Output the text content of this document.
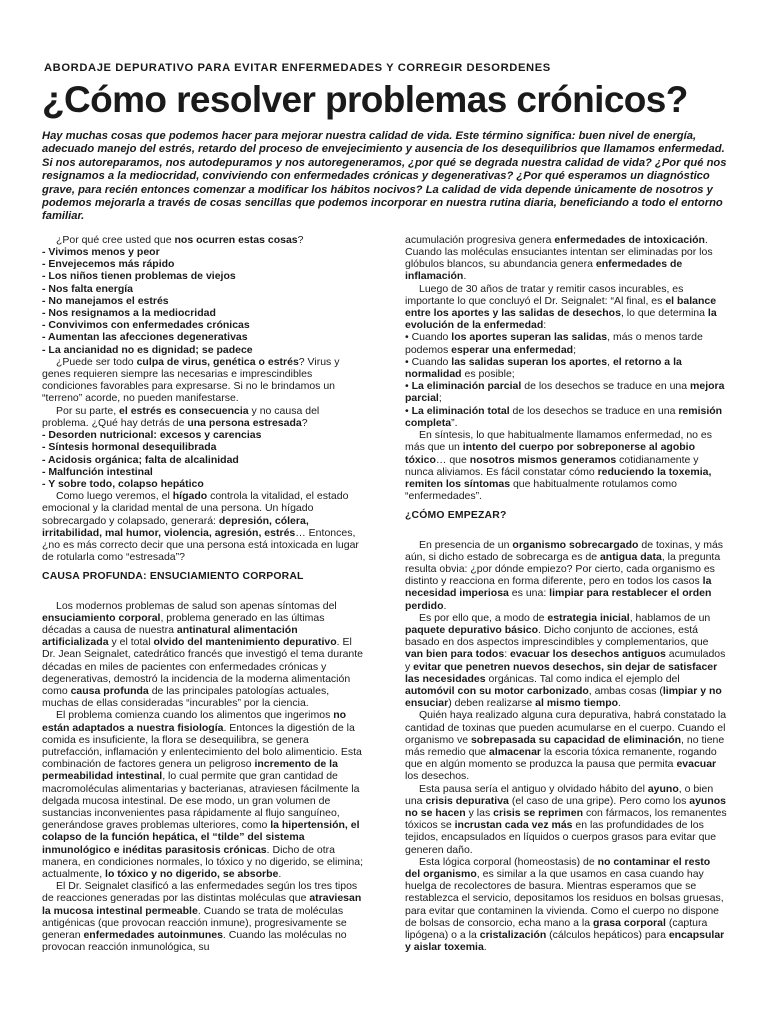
ABORDAJE DEPURATIVO PARA EVITAR ENFERMEDADES Y CORREGIR DESORDENES
¿Cómo resolver problemas crónicos?
Hay muchas cosas que podemos hacer para mejorar nuestra calidad de vida. Este término significa: buen nivel de energía, adecuado manejo del estrés, retardo del proceso de envejecimiento y ausencia de los desequilibrios que llamamos enfermedad. Si nos autoreparamos, nos autodepuramos y nos autoregeneramos, ¿por qué se degrada nuestra calidad de vida? ¿Por qué nos resignamos a la mediocridad, conviviendo con enfermedades crónicas y degenerativas? ¿Por qué esperamos un diagnóstico grave, para recién entonces comenzar a modificar los hábitos nocivos? La calidad de vida depende únicamente de nosotros y podemos mejorarla a través de cosas sencillas que podemos incorporar en nuestra rutina diaria, beneficiando a todo el entorno familiar.

¿Por qué cree usted que nos ocurren estas cosas?

- Vivimos menos y peor
- Envejecemos más rápido
- Los niños tienen problemas de viejos
- Nos falta energía
- No manejamos el estrés
- Nos resignamos a la mediocridad
- Convivimos con enfermedades crónicas
- Aumentan las afecciones degenerativas
- La ancianidad no es dignidad; se padece

¿Puede ser todo culpa de virus, genética o estrés? Virus y genes requieren siempre las necesarias e imprescindibles condiciones favorables para expresarse. Si no le brindamos un “terreno” acorde, no pueden manifestarse.

Por su parte, el estrés es consecuencia y no causa del problema. ¿Qué hay detrás de una persona estresada?

- Desorden nutricional: excesos y carencias
- Síntesis hormonal desequilibrada
- Acidosis orgánica; falta de alcalinidad
- Malfunción intestinal
- Y sobre todo, colapso hepático

Como luego veremos, el hígado controla la vitalidad, el estado emocional y la claridad mental de una persona. Un hígado sobrecargado y colapsado, generará: depresión, cólera, irritabilidad, mal humor, violencia, agresión, estrés… Entonces, ¿no es más correcto decir que una persona está intoxicada en lugar de rotularla como “estresada”?

CAUSA PROFUNDA: ENSUCIAMIENTO CORPORAL

Los modernos problemas de salud son apenas síntomas del ensuciamiento corporal, problema generado en las últimas décadas a causa de nuestra antinatural alimentación artificializada y el total olvido del mantenimiento depurativo. El Dr. Jean Seignalet, catedrático francés que investigó el tema durante décadas en miles de pacientes con enfermedades crónicas y degenerativas, demostró la incidencia de la moderna alimentación como causa profunda de las principales patologías actuales, muchas de ellas consideradas “incurables” por la ciencia.

El problema comienza cuando los alimentos que ingerimos no están adaptados a nuestra fisiología. Entonces la digestión de la comida es insuficiente, la flora se desequilibra, se genera putrefacción, inflamación y enlentecimiento del bolo alimenticio. Esta combinación de factores genera un peligroso incremento de la permeabilidad intestinal, lo cual permite que gran cantidad de macromoléculas alimentarias y bacterianas, atraviesen fácilmente la delgada mucosa intestinal. De ese modo, un gran volumen de sustancias inconvenientes pasa rápidamente al flujo sanguíneo, generándose graves problemas ulteriores, como la hipertensión, el colapso de la función hepática, el “tilde” del sistema inmunológico e inéditas parasitosis crónicas. Dicho de otra manera, en condiciones normales, lo tóxico y no digerido, se elimina; actualmente, lo tóxico y no digerido, se absorbe.

El Dr. Seignalet clasificó a las enfermedades según los tres tipos de reacciones generadas por las distintas moléculas que atraviesan la mucosa intestinal permeable. Cuando se trata de moléculas antigénicas (que provocan reacción inmune), progresivamente se generan enfermedades autoinmunes. Cuando las moléculas no provocan reacción inmunológica, su

acumulación progresiva genera enfermedades de intoxicación. Cuando las moléculas ensuciantes intentan ser eliminadas por los glóbulos blancos, su abundancia genera enfermedades de inflamación.

Luego de 30 años de tratar y remitir casos incurables, es importante lo que concluyó el Dr. Seignalet: “Al final, es el balance entre los aportes y las salidas de desechos, lo que determina la evolución de la enfermedad:

• Cuando los aportes superan las salidas, más o menos tarde podemos esperar una enfermedad;

• Cuando las salidas superan los aportes, el retorno a la normalidad es posible;

• La eliminación parcial de los desechos se traduce en una mejora parcial;

• La eliminación total de los desechos se traduce en una remisión completa”.

En síntesis, lo que habitualmente llamamos enfermedad, no es más que un intento del cuerpo por sobreponerse al agobio tóxico… que nosotros mismos generamos cotidianamente y nunca aliviamos. Es fácil constatar cómo reduciendo la toxemia, remiten los síntomas que habitualmente rotulamos como “enfermedades”.

¿CÓMO EMPEZAR?

En presencia de un organismo sobrecargado de toxinas, y más aún, si dicho estado de sobrecarga es de antigua data, la pregunta resulta obvia: ¿por dónde empiezo? Por cierto, cada organismo es distinto y reacciona en forma diferente, pero en todos los casos la necesidad imperiosa es una: limpiar para restablecer el orden perdido.

Es por ello que, a modo de estrategia inicial, hablamos de un paquete depurativo básico. Dicho conjunto de acciones, está basado en dos aspectos imprescindibles y complementarios, que van bien para todos: evacuar los desechos antiguos acumulados y evitar que penetren nuevos desechos, sin dejar de satisfacer las necesidades orgánicas. Tal como indica el ejemplo del automóvil con su motor carbonizado, ambas cosas (limpiar y no ensuciar) deben realizarse al mismo tiempo.

Quién haya realizado alguna cura depurativa, habrá constatado la cantidad de toxinas que pueden acumularse en el cuerpo. Cuando el organismo ve sobrepasada su capacidad de eliminación, no tiene más remedio que almacenar la escoria tóxica remanente, rogando que en algún momento se produzca la pausa que permita evacuar los desechos.

Esta pausa sería el antiguo y olvidado hábito del ayuno, o bien una crisis depurativa (el caso de una gripe). Pero como los ayunos no se hacen y las crisis se reprimen con fármacos, los remanentes tóxicos se incrustan cada vez más en las profundidades de los tejidos, encapsulados en líquidos o cuerpos grasos para evitar que generen daño.

Esta lógica corporal (homeostasis) de no contaminar el resto del organismo, es similar a la que usamos en casa cuando hay huelga de recolectores de basura. Mientras esperamos que se restablezca el servicio, depositamos los residuos en bolsas gruesas, para evitar que contaminen la vivienda. Como el cuerpo no dispone de bolsas de consorcio, echa mano a la grasa corporal (captura lipógena) o a la cristalización (cálculos hepáticos) para encapsular y aislar toxemia.
